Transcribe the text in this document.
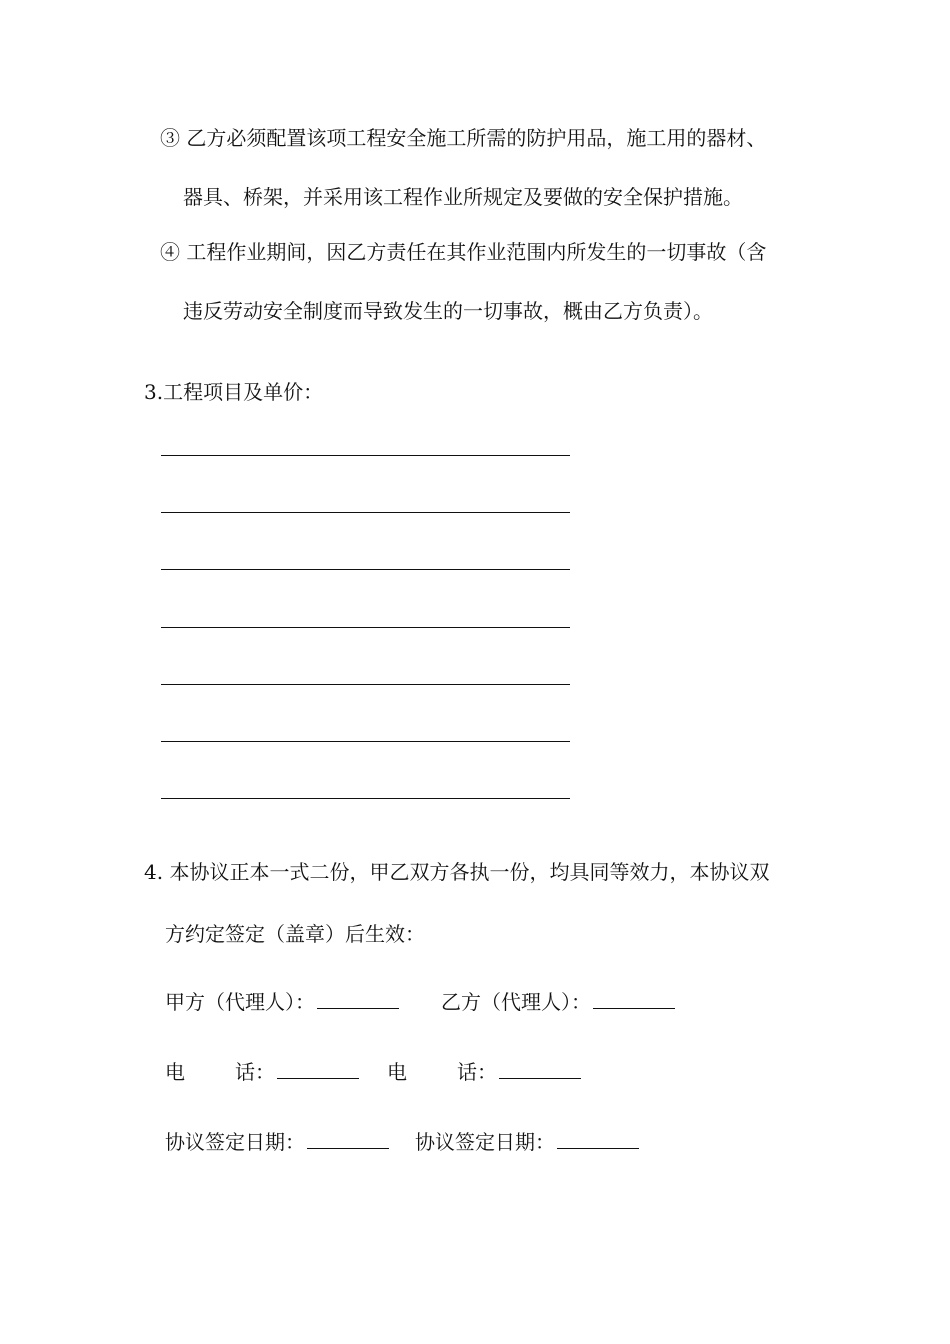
③ 乙方必须配置该项工程安全施工所需的防护用品，施工用的器材、
器具、桥架，并采用该工程作业所规定及要做的安全保护措施。
④ 工程作业期间，因乙方责任在其作业范围内所发生的一切事故（含
违反劳动安全制度而导致发生的一切事故，概由乙方负责）。
3.工程项目及单价：
4. 本协议正本一式二份，甲乙双方各执一份，均具同等效力，本协议双
方约定签定（盖章）后生效：
甲方（代理人）：	乙方（代理人）：
电	话：	电	话：
协议签定日期：	协议签定日期：
